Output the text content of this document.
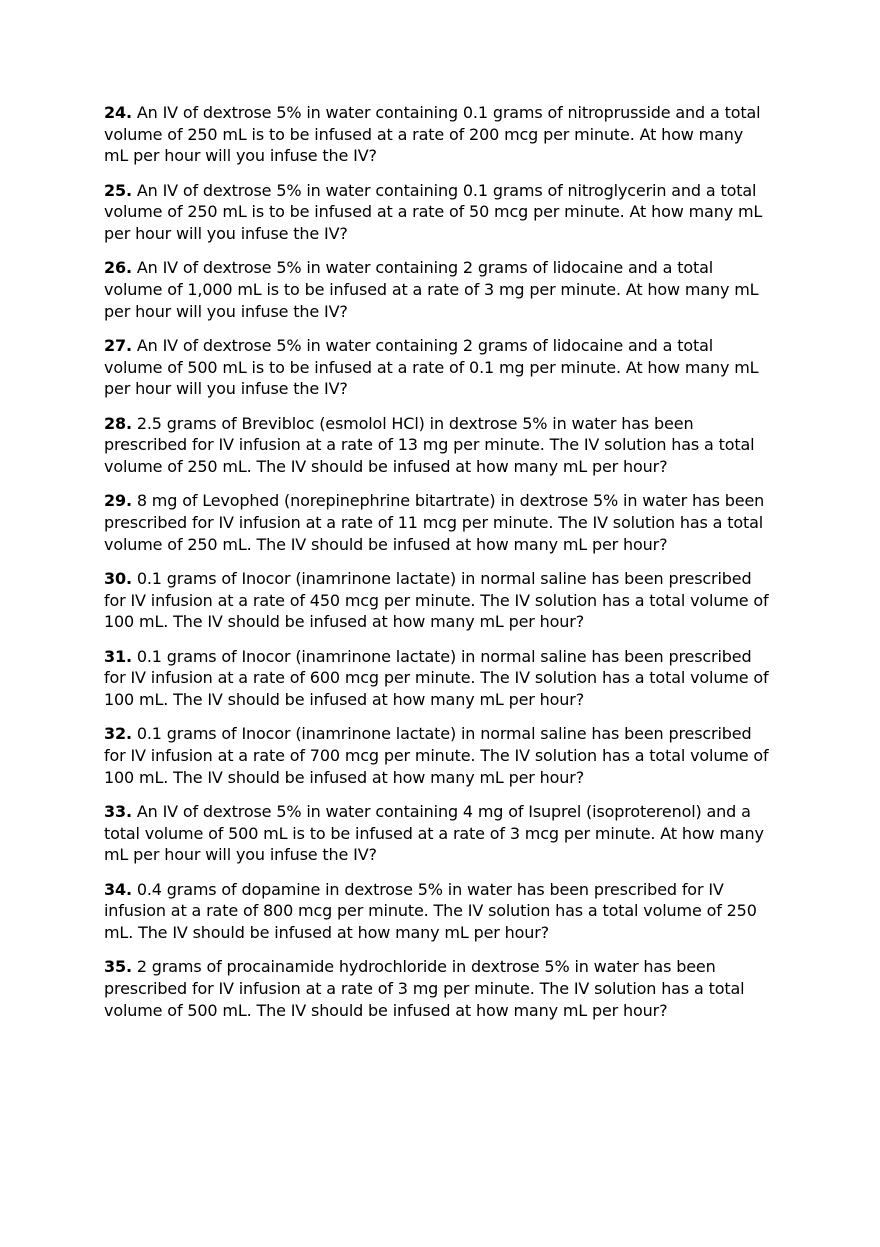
24. An IV of dextrose 5% in water containing 0.1 grams of nitroprusside and a total
volume of 250 mL is to be infused at a rate of 200 mcg per minute. At how many
mL per hour will you infuse the IV?
25. An IV of dextrose 5% in water containing 0.1 grams of nitroglycerin and a total
volume of 250 mL is to be infused at a rate of 50 mcg per minute. At how many mL
per hour will you infuse the IV?
26. An IV of dextrose 5% in water containing 2 grams of lidocaine and a total
volume of 1,000 mL is to be infused at a rate of 3 mg per minute. At how many mL
per hour will you infuse the IV?
27. An IV of dextrose 5% in water containing 2 grams of lidocaine and a total
volume of 500 mL is to be infused at a rate of 0.1 mg per minute. At how many mL
per hour will you infuse the IV?
28. 2.5 grams of Brevibloc (esmolol HCl) in dextrose 5% in water has been
prescribed for IV infusion at a rate of 13 mg per minute. The IV solution has a total
volume of 250 mL. The IV should be infused at how many mL per hour?
29. 8 mg of Levophed (norepinephrine bitartrate) in dextrose 5% in water has been
prescribed for IV infusion at a rate of 11 mcg per minute. The IV solution has a total
volume of 250 mL. The IV should be infused at how many mL per hour?
30. 0.1 grams of Inocor (inamrinone lactate) in normal saline has been prescribed
for IV infusion at a rate of 450 mcg per minute. The IV solution has a total volume of
100 mL. The IV should be infused at how many mL per hour?
31. 0.1 grams of Inocor (inamrinone lactate) in normal saline has been prescribed
for IV infusion at a rate of 600 mcg per minute. The IV solution has a total volume of
100 mL. The IV should be infused at how many mL per hour?
32. 0.1 grams of Inocor (inamrinone lactate) in normal saline has been prescribed
for IV infusion at a rate of 700 mcg per minute. The IV solution has a total volume of
100 mL. The IV should be infused at how many mL per hour?
33. An IV of dextrose 5% in water containing 4 mg of Isuprel (isoproterenol) and a
total volume of 500 mL is to be infused at a rate of 3 mcg per minute. At how many
mL per hour will you infuse the IV?
34. 0.4 grams of dopamine in dextrose 5% in water has been prescribed for IV
infusion at a rate of 800 mcg per minute. The IV solution has a total volume of 250
mL. The IV should be infused at how many mL per hour?
35. 2 grams of procainamide hydrochloride in dextrose 5% in water has been
prescribed for IV infusion at a rate of 3 mg per minute. The IV solution has a total
volume of 500 mL. The IV should be infused at how many mL per hour?
